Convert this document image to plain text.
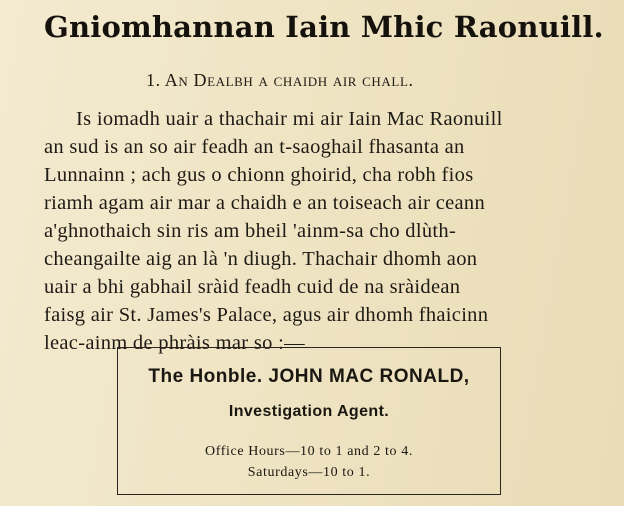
Gniomhannan Iain Mhic Raonuill.
1. An Dealbh a chaidh air chall.
Is iomadh uair a thachair mi air Iain Mac Raonuill
an sud is an so air feadh an t-saoghail fhasanta an
Lunnainn ; ach gus o chionn ghoirid, cha robh fios
riamh agam air mar a chaidh e an toiseach air ceann
a'ghnothaich sin ris am bheil 'ainm-sa cho dlùth-
cheangailte aig an là 'n diugh. Thachair dhomh aon
uair a bhi gabhail sràid feadh cuid de na sràidean
faisg air St. James's Palace, agus air dhomh fhaicinn
leac-ainm de phràis mar so :—
The Honble. JOHN MAC RONALD,
Investigation Agent.
Office Hours—10 to 1 and 2 to 4.
Saturdays—10 to 1.
